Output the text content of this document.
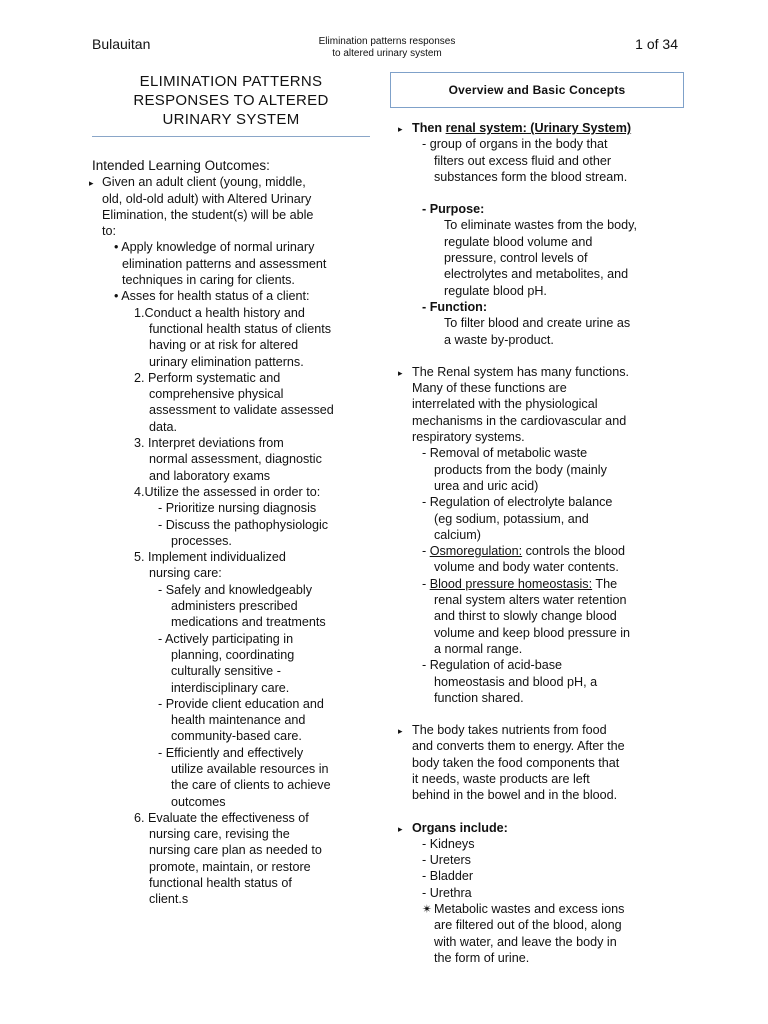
Bulauitan	Elimination patterns responses
to altered urinary system
1 of 34
ELIMINATION PATTERNS
RESPONSES TO ALTERED
URINARY SYSTEM
Overview and Basic Concepts

Intended Learning Outcomes:

▸ Given an adult client (young, middle,
old, old-old adult) with Altered Urinary
Elimination, the student(s) will be able
to:
• Apply knowledge of normal urinary
elimination patterns and assessment
techniques in caring for clients.
• Asses for health status of a client:
1.Conduct a health history and
functional health status of clients
having or at risk for altered
urinary elimination patterns.
2. Perform systematic and
comprehensive physical
assessment to validate assessed
data.
3. Interpret deviations from
normal assessment, diagnostic
and laboratory exams
4.Utilize the assessed in order to:
- Prioritize nursing diagnosis
- Discuss the pathophysiologic
processes.
5. Implement individualized
nursing care:
- Safely and knowledgeably
administers prescribed
medications and treatments
- Actively participating in
planning, coordinating
culturally sensitive -
interdisciplinary care.
- Provide client education and
health maintenance and
community-based care.
- Efficiently and effectively
utilize available resources in
the care of clients to achieve
outcomes
6. Evaluate the effectiveness of
nursing care, revising the
nursing care plan as needed to
promote, maintain, or restore
functional health status of
client.s
▸ Then renal system: (Urinary System)
- group of organs in the body that
filters out excess fluid and other
substances form the blood stream.
- Purpose:
To eliminate wastes from the body,
regulate blood volume and
pressure, control levels of
electrolytes and metabolites, and
regulate blood pH.
- Function:
To filter blood and create urine as
a waste by-product.
▸ The Renal system has many functions.
Many of these functions are
interrelated with the physiological
mechanisms in the cardiovascular and
respiratory systems.
- Removal of metabolic waste
products from the body (mainly
urea and uric acid)
- Regulation of electrolyte balance
(eg sodium, potassium, and
calcium)
- Osmoregulation: controls the blood
volume and body water contents.
- Blood pressure homeostasis: The
renal system alters water retention
and thirst to slowly change blood
volume and keep blood pressure in
a normal range.
- Regulation of acid-base
homeostasis and blood pH, a
function shared.
▸ The body takes nutrients from food
and converts them to energy. After the
body taken the food components that
it needs, waste products are left
behind in the bowel and in the blood.
▸ Organs include:
- Kidneys
- Ureters
- Bladder
- Urethra
✴ Metabolic wastes and excess ions
are filtered out of the blood, along
with water, and leave the body in
the form of urine.
